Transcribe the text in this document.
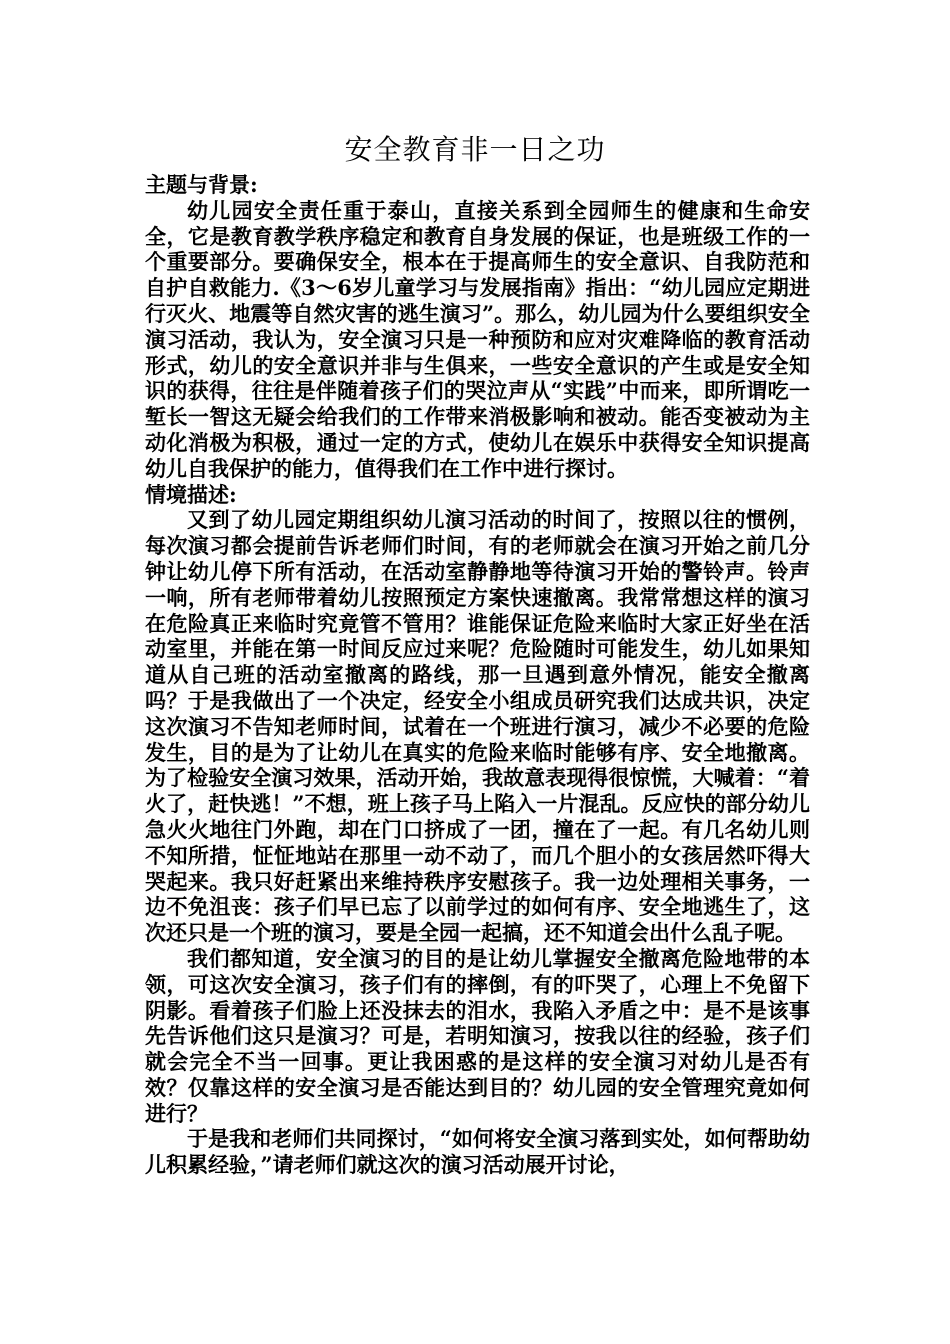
安全教育非一日之功

主题与背景:

幼儿园安全责任重于泰山，直接关系到全园师生的健康和生命安全，它是教育教学秩序稳定和教育自身发展的保证，也是班级工作的一个重要部分。要确保安全，根本在于提高师生的安全意识、自我防范和自护自救能力.《3～6岁儿童学习与发展指南》指出：“幼儿园应定期进行灭火、地震等自然灾害的逃生演习”。那么，幼儿园为什么要组织安全演习活动，我认为，安全演习只是一种预防和应对灾难降临的教育活动形式，幼儿的安全意识并非与生俱来，一些安全意识的产生或是安全知识的获得，往往是伴随着孩子们的哭泣声从“实践”中而来，即所谓吃一堑长一智这无疑会给我们的工作带来消极影响和被动。能否变被动为主动化消极为积极，通过一定的方式，使幼儿在娱乐中获得安全知识提高幼儿自我保护的能力，值得我们在工作中进行探讨。

情境描述:

又到了幼儿园定期组织幼儿演习活动的时间了，按照以往的惯例，每次演习都会提前告诉老师们时间，有的老师就会在演习开始之前几分钟让幼儿停下所有活动，在活动室静静地等待演习开始的警铃声。铃声一响，所有老师带着幼儿按照预定方案快速撤离。我常常想这样的演习在危险真正来临时究竟管不管用？谁能保证危险来临时大家正好坐在活动室里，并能在第一时间反应过来呢？危险随时可能发生，幼儿如果知道从自己班的活动室撤离的路线，那一旦遇到意外情况，能安全撤离吗？于是我做出了一个决定，经安全小组成员研究我们达成共识，决定这次演习不告知老师时间，试着在一个班进行演习，减少不必要的危险发生，目的是为了让幼儿在真实的危险来临时能够有序、安全地撤离。为了检验安全演习效果，活动开始，我故意表现得很惊慌，大喊着：“着火了，赶快逃！”不想，班上孩子马上陷入一片混乱。反应快的部分幼儿急火火地往门外跑，却在门口挤成了一团，撞在了一起。有几名幼儿则不知所措，怔怔地站在那里一动不动了，而几个胆小的女孩居然吓得大哭起来。我只好赶紧出来维持秩序安慰孩子。我一边处理相关事务，一边不免沮丧：孩子们早已忘了以前学过的如何有序、安全地逃生了，这次还只是一个班的演习，要是全园一起搞，还不知道会出什么乱子呢。

我们都知道，安全演习的目的是让幼儿掌握安全撤离危险地带的本领，可这次安全演习，孩子们有的摔倒，有的吓哭了，心理上不免留下阴影。看着孩子们脸上还没抹去的泪水，我陷入矛盾之中：是不是该事先告诉他们这只是演习？可是，若明知演习，按我以往的经验，孩子们就会完全不当一回事。更让我困惑的是这样的安全演习对幼儿是否有效？仅靠这样的安全演习是否能达到目的？幼儿园的安全管理究竟如何进行？

于是我和老师们共同探讨，“如何将安全演习落到实处，如何帮助幼儿积累经验，”请老师们就这次的演习活动展开讨论，
